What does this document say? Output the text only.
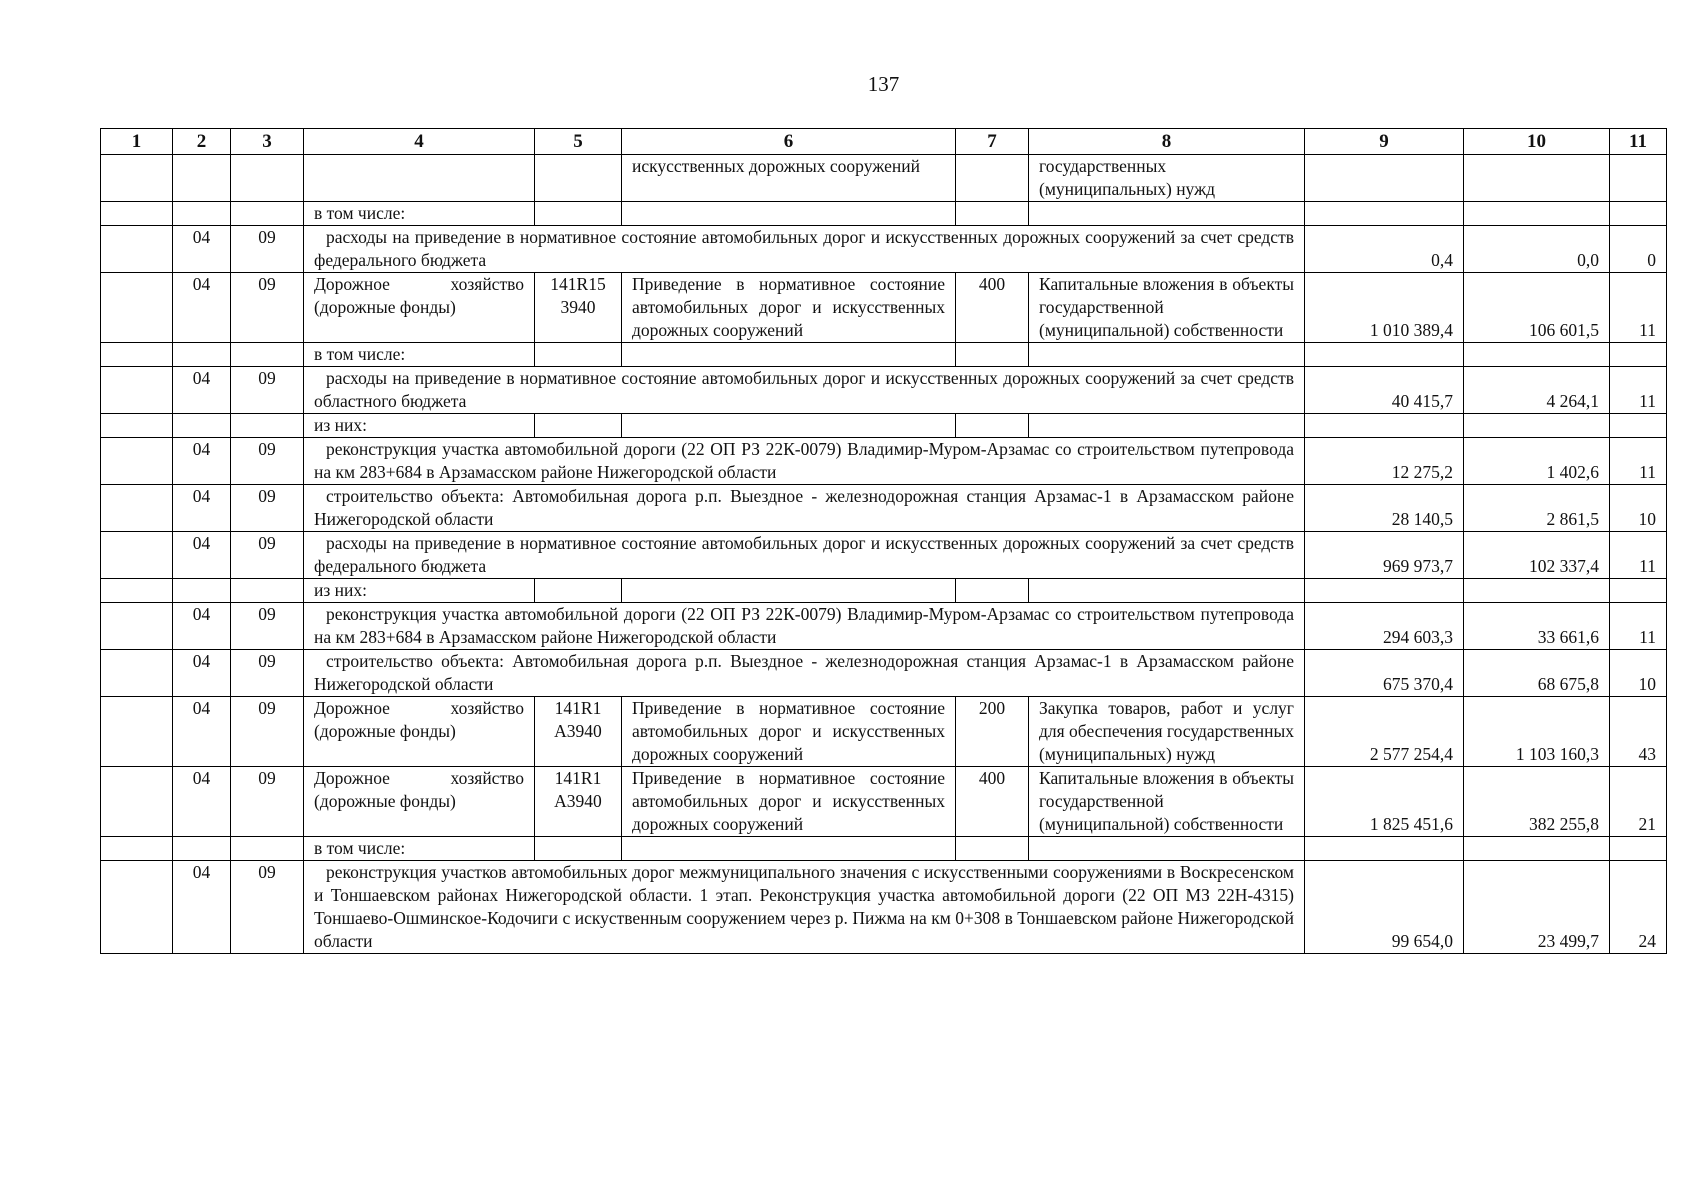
137
1	2	3	4	5	6	7	8	9	10	11
					искусственных дорожных сооружений		государственных (муниципальных) нужд			
			в том числе:							
	04	09	расходы на приведение в нормативное состояние автомобильных дорог и искусственных дорожных сооружений за счет средств федерального бюджета					0,4	0,0	0
	04	09	Дорожное хозяйство (дорожные фонды)	141R15 3940	Приведение в нормативное состояние автомобильных дорог и искусственных дорожных сооружений	400	Капитальные вложения в объекты государственной (муниципальной) собственности	1 010 389,4	106 601,5	11
			в том числе:							
	04	09	расходы на приведение в нормативное состояние автомобильных дорог и искусственных дорожных сооружений за счет средств областного бюджета					40 415,7	4 264,1	11
			из них:							
	04	09	реконструкция участка автомобильной дороги (22 ОП РЗ 22К-0079) Владимир-Муром-Арзамас со строительством путепровода на км 283+684 в Арзамасском районе Нижегородской области					12 275,2	1 402,6	11
	04	09	строительство объекта: Автомобильная дорога р.п. Выездное - железнодорожная станция Арзамас-1 в Арзамасском районе Нижегородской области					28 140,5	2 861,5	10
	04	09	расходы на приведение в нормативное состояние автомобильных дорог и искусственных дорожных сооружений за счет средств федерального бюджета					969 973,7	102 337,4	11
			из них:							
	04	09	реконструкция участка автомобильной дороги (22 ОП РЗ 22К-0079) Владимир-Муром-Арзамас со строительством путепровода на км 283+684 в Арзамасском районе Нижегородской области					294 603,3	33 661,6	11
	04	09	строительство объекта: Автомобильная дорога р.п. Выездное - железнодорожная станция Арзамас-1 в Арзамасском районе Нижегородской области					675 370,4	68 675,8	10
	04	09	Дорожное хозяйство (дорожные фонды)	141R1 А3940	Приведение в нормативное состояние автомобильных дорог и искусственных дорожных сооружений	200	Закупка товаров, работ и услуг для обеспечения государственных (муниципальных) нужд	2 577 254,4	1 103 160,3	43
	04	09	Дорожное хозяйство (дорожные фонды)	141R1 А3940	Приведение в нормативное состояние автомобильных дорог и искусственных дорожных сооружений	400	Капитальные вложения в объекты государственной (муниципальной) собственности	1 825 451,6	382 255,8	21
			в том числе:							
	04	09	реконструкция участков автомобильных дорог межмуниципального значения с искусственными сооружениями в Воскресенском и Тоншаевском районах Нижегородской области. 1 этап. Реконструкция участка автомобильной дороги (22 ОП МЗ 22Н-4315) Тоншаево-Ошминское-Кодочиги с искуственным сооружением через р. Пижма на км 0+308 в Тоншаевском районе Нижегородской области					99 654,0	23 499,7	24
